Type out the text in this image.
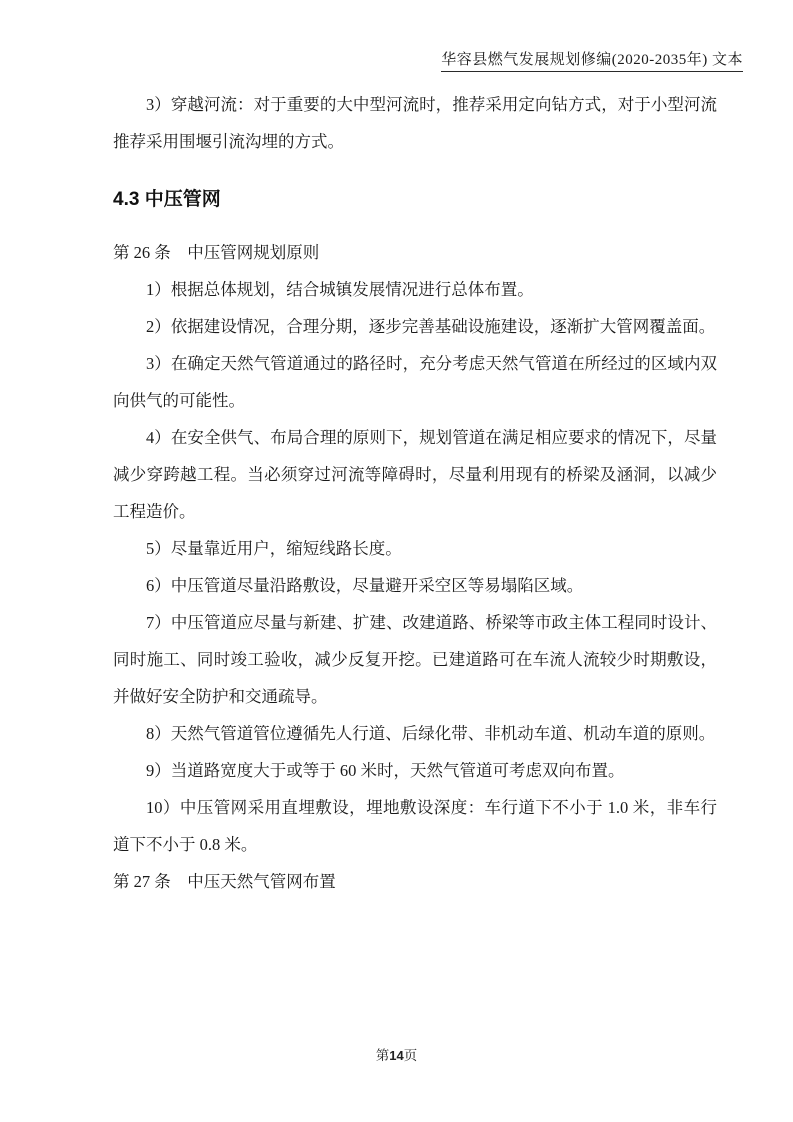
华容县燃气发展规划修编(2020-2035年) 文本

3）穿越河流：对于重要的大中型河流时，推荐采用定向钻方式，对于小型河流推荐采用围堰引流沟埋的方式。

4.3 中压管网

第 26 条　中压管网规划原则

1）根据总体规划，结合城镇发展情况进行总体布置。

2）依据建设情况，合理分期，逐步完善基础设施建设，逐渐扩大管网覆盖面。

3）在确定天然气管道通过的路径时，充分考虑天然气管道在所经过的区域内双向供气的可能性。

4）在安全供气、布局合理的原则下，规划管道在满足相应要求的情况下，尽量减少穿跨越工程。当必须穿过河流等障碍时，尽量利用现有的桥梁及涵洞，以减少工程造价。

5）尽量靠近用户，缩短线路长度。

6）中压管道尽量沿路敷设，尽量避开采空区等易塌陷区域。

7）中压管道应尽量与新建、扩建、改建道路、桥梁等市政主体工程同时设计、同时施工、同时竣工验收，减少反复开挖。已建道路可在车流人流较少时期敷设，并做好安全防护和交通疏导。

8）天然气管道管位遵循先人行道、后绿化带、非机动车道、机动车道的原则。

9）当道路宽度大于或等于 60 米时，天然气管道可考虑双向布置。

10）中压管网采用直埋敷设，埋地敷设深度：车行道下不小于 1.0 米，非车行道下不小于 0.8 米。

第 27 条　中压天然气管网布置

第14页
